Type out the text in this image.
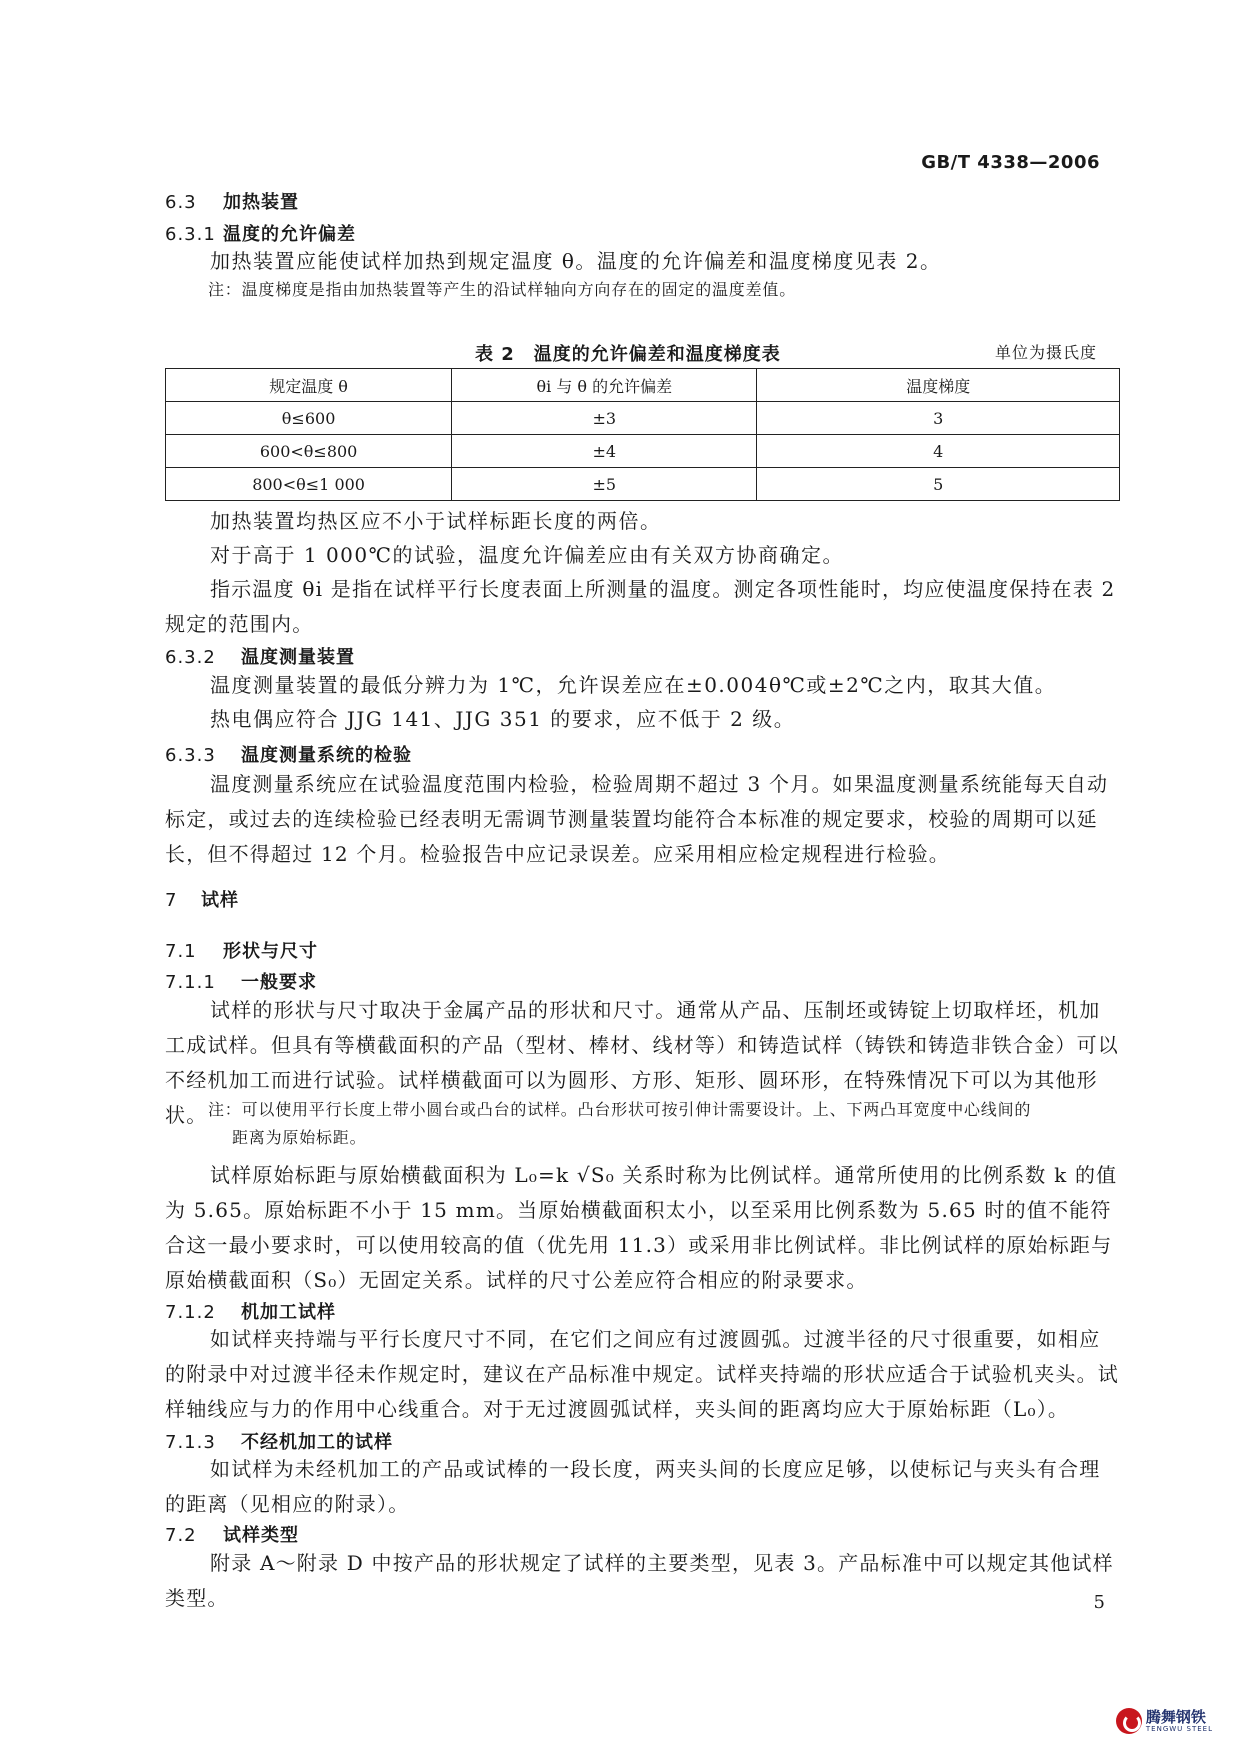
GB/T 4338—2006
6.3 加热装置
6.3.1 温度的允许偏差
加热装置应能使试样加热到规定温度 θ。温度的允许偏差和温度梯度见表 2。
注：温度梯度是指由加热装置等产生的沿试样轴向方向存在的固定的温度差值。
表 2　温度的允许偏差和温度梯度表	单位为摄氏度
规定温度 θ	θi 与 θ 的允许偏差	温度梯度
θ≤600	±3	3
600<θ≤800	±4	4
800<θ≤1 000	±5	5
加热装置均热区应不小于试样标距长度的两倍。
对于高于 1 000℃的试验，温度允许偏差应由有关双方协商确定。
指示温度 θi 是指在试样平行长度表面上所测量的温度。测定各项性能时，均应使温度保持在表 2 规定的范围内。
6.3.2 温度测量装置
温度测量装置的最低分辨力为 1℃，允许误差应在±0.004θ℃或±2℃之内，取其大值。
热电偶应符合 JJG 141、JJG 351 的要求，应不低于 2 级。
6.3.3 温度测量系统的检验
温度测量系统应在试验温度范围内检验，检验周期不超过 3 个月。如果温度测量系统能每天自动标定，或过去的连续检验已经表明无需调节测量装置均能符合本标准的规定要求，校验的周期可以延长，但不得超过 12 个月。检验报告中应记录误差。应采用相应检定规程进行检验。
7 试样
7.1 形状与尺寸
7.1.1 一般要求
试样的形状与尺寸取决于金属产品的形状和尺寸。通常从产品、压制坯或铸锭上切取样坯，机加工成试样。但具有等横截面积的产品（型材、棒材、线材等）和铸造试样（铸铁和铸造非铁合金）可以不经机加工而进行试验。试样横截面可以为圆形、方形、矩形、圆环形，在特殊情况下可以为其他形状。 注：可以使用平行长度上带小圆台或凸台的试样。凸台形状可按引伸计需要设计。上、下两凸耳宽度中心线间的
距离为原始标距。
试样原始标距与原始横截面积为 L₀=k √S₀ 关系时称为比例试样。通常所使用的比例系数 k 的值为 5.65。原始标距不小于 15 mm。当原始横截面积太小，以至采用比例系数为 5.65 时的值不能符合这一最小要求时，可以使用较高的值（优先用 11.3）或采用非比例试样。非比例试样的原始标距与原始横截面积（S₀）无固定关系。试样的尺寸公差应符合相应的附录要求。
7.1.2 机加工试样
如试样夹持端与平行长度尺寸不同，在它们之间应有过渡圆弧。过渡半径的尺寸很重要，如相应的附录中对过渡半径未作规定时，建议在产品标准中规定。试样夹持端的形状应适合于试验机夹头。试样轴线应与力的作用中心线重合。对于无过渡圆弧试样，夹头间的距离均应大于原始标距（L₀）。
7.1.3 不经机加工的试样
如试样为未经机加工的产品或试棒的一段长度，两夹头间的长度应足够，以使标记与夹头有合理的距离（见相应的附录）。
7.2 试样类型
附录 A～附录 D 中按产品的形状规定了试样的主要类型，见表 3。产品标准中可以规定其他试样类型。	5
腾舞钢铁
TENGWU STEEL
